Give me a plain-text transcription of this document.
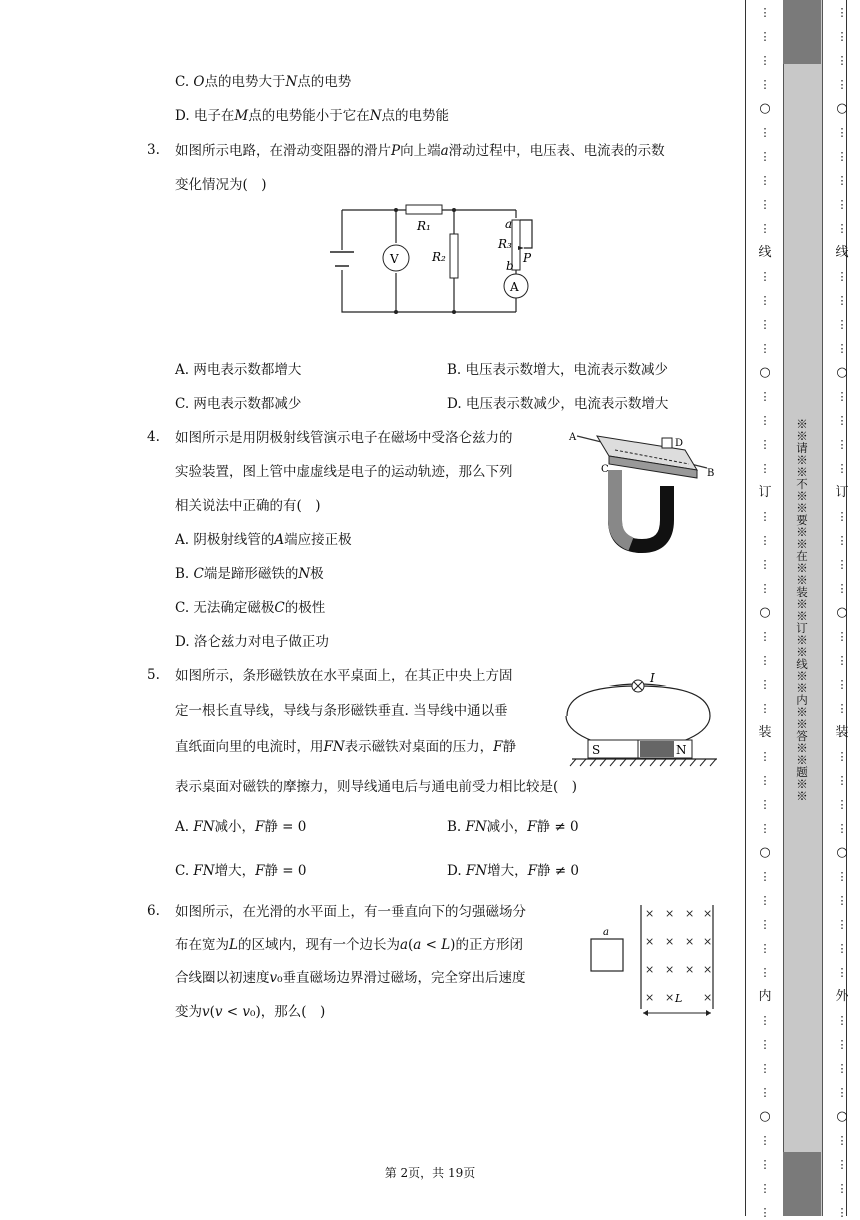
C. 𝑂点的电势大于𝑁点的电势
D. 电子在𝑀点的电势能小于它在𝑁点的电势能
3. 如图所示电路，在滑动变阻器的滑片𝑃向上端𝑎滑动过程中，电压表、电流表的示数
变化情况为(　)
V
A
R₁
R₂
R₃
a
b
P
A. 两电表示数都增大	B. 电压表示数增大，电流表示数减少
C. 两电表示数都减少	D. 电压表示数减少，电流表示数增大
4. 如图所示是用阴极射线管演示电子在磁场中受洛仑兹力的
实验装置，图上管中虚虚线是电子的运动轨迹，那么下列
相关说法中正确的有(　)
A
B
C
D
A. 阴极射线管的𝐴端应接正极
B. 𝐶端是蹄形磁铁的𝑁极
C. 无法确定磁极𝐶的极性
D. 洛仑兹力对电子做正功
5. 如图所示，条形磁铁放在水平桌面上，在其正中央上方固
定一根长直导线，导线与条形磁铁垂直. 当导线中通以垂
直纸面向里的电流时，用𝐹𝑁表示磁铁对桌面的压力，𝐹静
表示桌面对磁铁的摩擦力，则导线通电后与通电前受力相比较是(　)
I
S	N
A. 𝐹𝑁减小，𝐹静 = 0	B. 𝐹𝑁减小，𝐹静 ≠ 0
C. 𝐹𝑁增大，𝐹静 = 0	D. 𝐹𝑁增大，𝐹静 ≠ 0
6. 如图所示，在光滑的水平面上，有一垂直向下的匀强磁场分
布在宽为𝐿的区域内，现有一个边长为𝑎(𝑎 < 𝐿)的正方形闭
合线圈以初速度𝑣₀垂直磁场边界滑过磁场，完全穿出后速度
变为𝑣(𝑣 < 𝑣₀)，那么(　)
a
× × × ×
× × × ×
× × × ×
× ×	×
L
第 2页，共 19页
※※请※※不※※要※※在※※装※※订※※线※※内※※答※※题※※
⋮
⋮
⋮
⋮
○
⋮
⋮
⋮
⋮
⋮
线
⋮
⋮
⋮
⋮
○
⋮
⋮
⋮
⋮
订
⋮
⋮
⋮
⋮
○
⋮
⋮
⋮
⋮
装
⋮
⋮
⋮
⋮
○
⋮
⋮
⋮
⋮
⋮
内
⋮
⋮
⋮
⋮
○
⋮
⋮
⋮
⋮
⋮
⋮
⋮
⋮
○
⋮
⋮
⋮
⋮
⋮
线
⋮
⋮
⋮
⋮
○
⋮
⋮
⋮
⋮
订
⋮
⋮
⋮
⋮
○
⋮
⋮
⋮
⋮
装
⋮
⋮
⋮
⋮
○
⋮
⋮
⋮
⋮
⋮
外
⋮
⋮
⋮
⋮
○
⋮
⋮
⋮
⋮
